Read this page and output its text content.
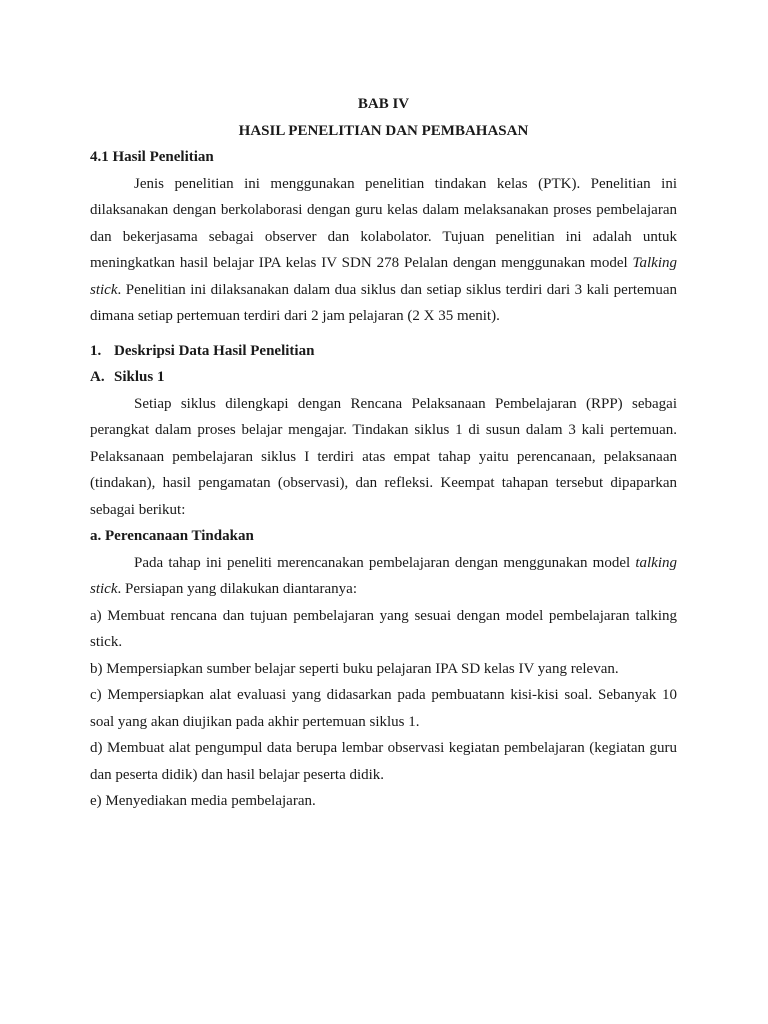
BAB IV

HASIL PENELITIAN DAN PEMBAHASAN

4.1 Hasil Penelitian

Jenis penelitian ini menggunakan penelitian tindakan kelas (PTK). Penelitian ini dilaksanakan dengan berkolaborasi dengan guru kelas dalam melaksanakan proses pembelajaran dan bekerjasama sebagai observer dan kolabolator. Tujuan penelitian ini adalah untuk meningkatkan hasil belajar IPA kelas IV SDN 278 Pelalan dengan menggunakan model Talking stick. Penelitian ini dilaksanakan dalam dua siklus dan setiap siklus terdiri dari 3 kali pertemuan dimana setiap pertemuan terdiri dari 2 jam pelajaran (2 X 35 menit).

1. Deskripsi Data Hasil Penelitian

A. Siklus 1

Setiap siklus dilengkapi dengan Rencana Pelaksanaan Pembelajaran (RPP) sebagai perangkat dalam proses belajar mengajar. Tindakan siklus 1 di susun dalam 3 kali pertemuan. Pelaksanaan pembelajaran siklus I terdiri atas empat tahap yaitu perencanaan, pelaksanaan (tindakan), hasil pengamatan (observasi), dan refleksi. Keempat tahapan tersebut dipaparkan sebagai berikut:

a. Perencanaan Tindakan

Pada tahap ini peneliti merencanakan pembelajaran dengan menggunakan model talking stick. Persiapan yang dilakukan diantaranya:

a) Membuat rencana dan tujuan pembelajaran yang sesuai dengan model pembelajaran talking stick.

b) Mempersiapkan sumber belajar seperti buku pelajaran IPA SD kelas IV yang relevan.

c) Mempersiapkan alat evaluasi yang didasarkan pada pembuatann kisi-kisi soal. Sebanyak 10 soal yang akan diujikan pada akhir pertemuan siklus 1.

d) Membuat alat pengumpul data berupa lembar observasi kegiatan pembelajaran (kegiatan guru dan peserta didik) dan hasil belajar peserta didik.

e) Menyediakan media pembelajaran.
